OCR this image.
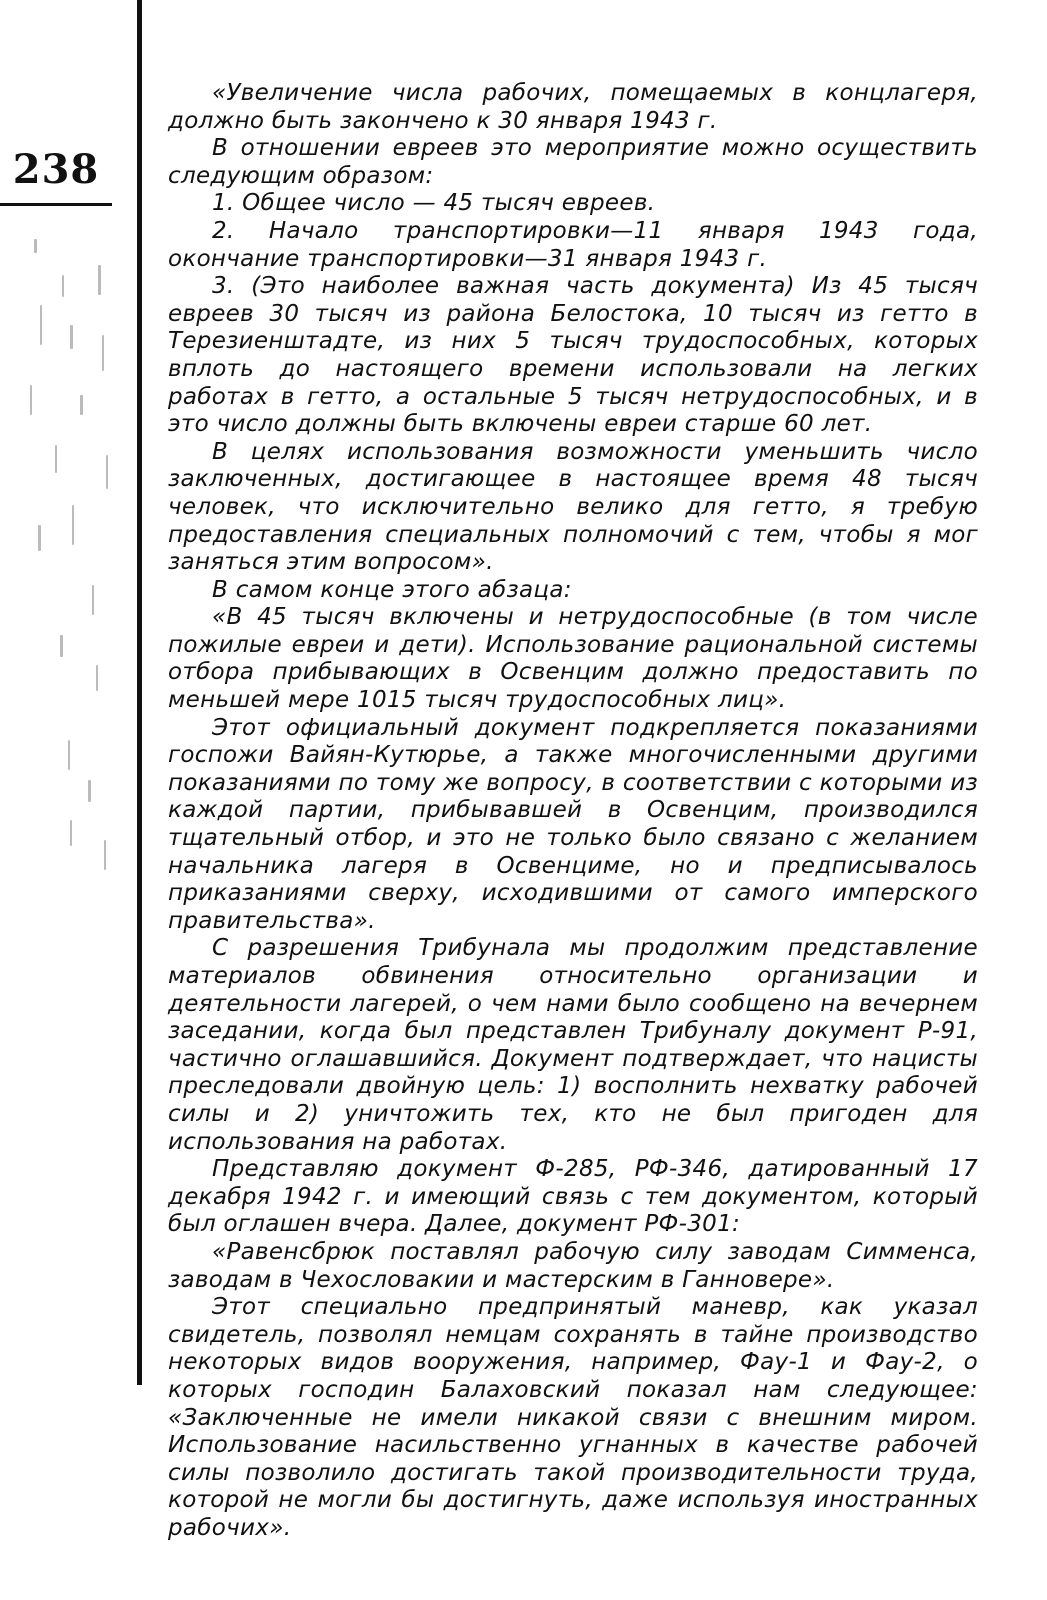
238

«Увеличение числа рабочих, помещаемых в концлагеря, должно быть закончено к 30 января 1943 г.

В отношении евреев это мероприятие можно осуществить следующим образом:

1. Общее число — 45 тысяч евреев.

2. Начало транспортировки—11 января 1943 года, окончание транспортировки—31 января 1943 г.

3. (Это наиболее важная часть документа) Из 45 тысяч евреев 30 тысяч из района Белостока, 10 тысяч из гетто в Терезиенштадте, из них 5 тысяч трудоспособных, которых вплоть до настоящего времени использовали на легких работах в гетто, а остальные 5 тысяч нетрудоспособных, и в это число должны быть включены евреи старше 60 лет.

В целях использования возможности уменьшить число заключенных, достигающее в настоящее время 48 тысяч человек, что исключительно велико для гетто, я требую предоставления специальных полномочий с тем, чтобы я мог заняться этим вопросом».

В самом конце этого абзаца:

«В 45 тысяч включены и нетрудоспособные (в том числе пожилые евреи и дети). Использование рациональной системы отбора прибывающих в Освенцим должно предоставить по меньшей мере 1015 тысяч трудоспособных лиц».

Этот официальный документ подкрепляется показаниями госпожи Вайян-Кутюрье, а также многочисленными другими показаниями по тому же вопросу, в соответствии с которыми из каждой партии, прибывавшей в Освенцим, производился тщательный отбор, и это не только было связано с желанием начальника лагеря в Освенциме, но и предписывалось приказаниями сверху, исходившими от самого имперского правительства».

С разрешения Трибунала мы продолжим представление материалов обвинения относительно организации и деятельности лагерей, о чем нами было сообщено на вечернем заседании, когда был представлен Трибуналу документ Р-91, частично оглашавшийся. Документ подтверждает, что нацисты преследовали двойную цель: 1) восполнить нехватку рабочей силы и 2) уничтожить тех, кто не был пригоден для использования на работах.

Представляю документ Ф-285, РФ-346, датированный 17 декабря 1942 г. и имеющий связь с тем документом, который был оглашен вчера. Далее, документ РФ-301:

«Равенсбрюк поставлял рабочую силу заводам Симменса, заводам в Чехословакии и мастерским в Ганновере».

Этот специально предпринятый маневр, как указал свидетель, позволял немцам сохранять в тайне производство некоторых видов вооружения, например, Фау-1 и Фау-2, о которых господин Балаховский показал нам следующее: «Заключенные не имели никакой связи с внешним миром. Использование насильственно угнанных в качестве рабочей силы позволило достигать такой производительности труда, которой не могли бы достигнуть, даже используя иностранных рабочих».
